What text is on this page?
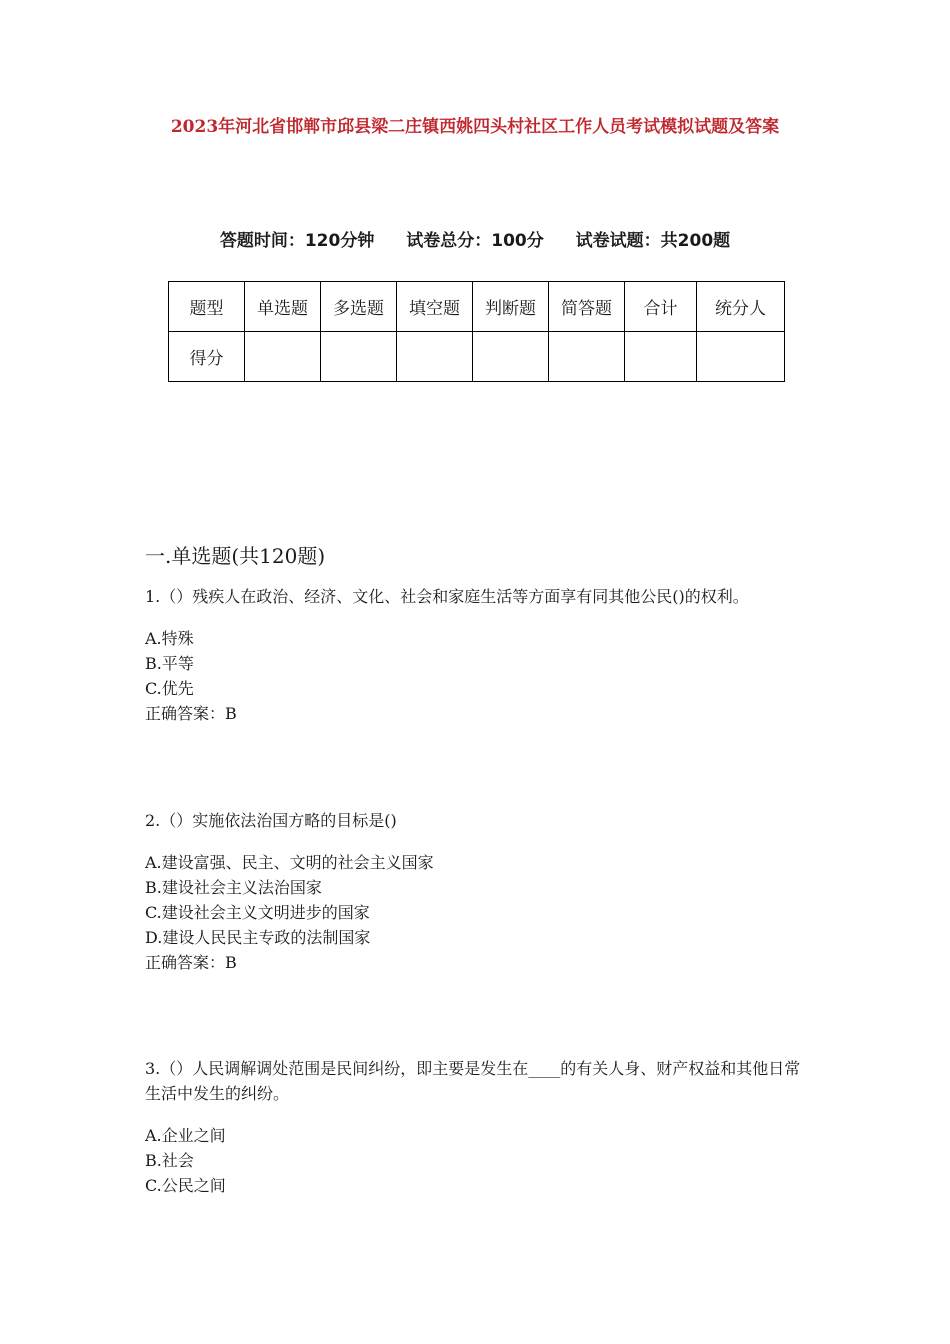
2023年河北省邯郸市邱县梁二庄镇西姚四头村社区工作人员考试模拟试题及答案
答题时间：120分钟 试卷总分：100分 试卷试题：共200题
题型	单选题	多选题	填空题	判断题	简答题	合计	统分人
得分							
一.单选题(共120题)
1.（）残疾人在政治、经济、文化、社会和家庭生活等方面享有同其他公民()的权利。
A.特殊
B.平等
C.优先
正确答案：B
2.（）实施依法治国方略的目标是()
A.建设富强、民主、文明的社会主义国家
B.建设社会主义法治国家
C.建设社会主义文明进步的国家
D.建设人民民主专政的法制国家
正确答案：B
3.（）人民调解调处范围是民间纠纷，即主要是发生在____的有关人身、财产权益和其他日常生活中发生的纠纷。
A.企业之间
B.社会
C.公民之间
